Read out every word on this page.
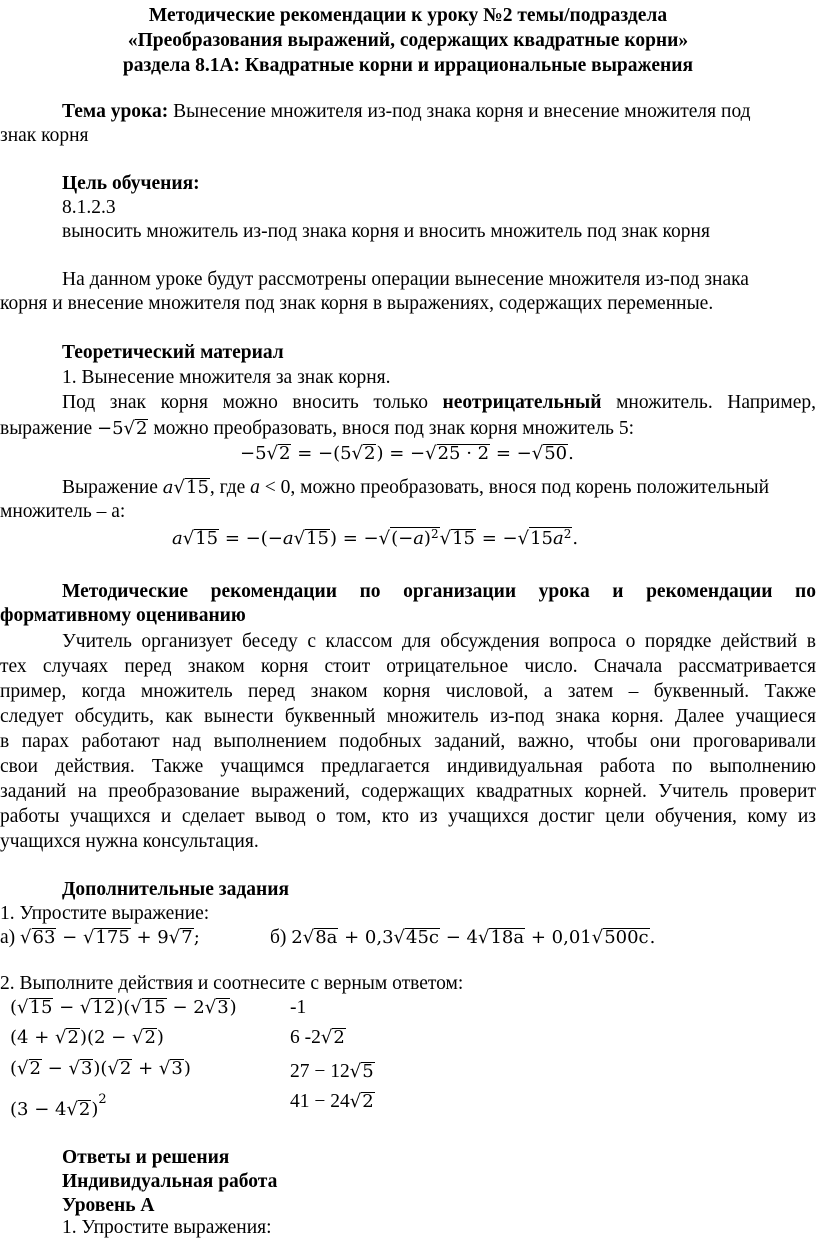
Методические рекомендации к уроку №2 темы/подраздела
«Преобразования выражений, содержащих квадратные корни»
раздела 8.1А: Квадратные корни и иррациональные выражения
Тема урока: Вынесение множителя из-под знака корня и внесение множителя под
знак корня
Цель обучения:
8.1.2.3
выносить множитель из-под знака корня и вносить множитель под знак корня
На данном уроке будут рассмотрены операции вынесение множителя из-под знака
корня и внесение множителя под знак корня в выражениях, содержащих переменные.
Теоретический материал
1. Вынесение множителя за знак корня.
Под знак корня можно вносить только неотрицательный множитель. Например,
выражение −5√2 можно преобразовать, внося под знак корня множитель 5:
−5√2 = −(5√2) = −√25 · 2 = −√50.
Выражение a√15, где a < 0, можно преобразовать, внося под корень положительный
множитель – a:
$a√15 = -(-a√15) = -√(-a)^2√15 = -√15a^2$.
Методические рекомендации по организации урока и рекомендации по
формативному оцениванию
Учитель организует беседу с классом для обсуждения вопроса о порядке действий в
тех случаях перед знаком корня стоит отрицательное число. Сначала рассматривается
пример, когда множитель перед знаком корня числовой, а затем – буквенный. Также
следует обсудить, как вынести буквенный множитель из-под знака корня. Далее учащиеся
в парах работают над выполнением подобных заданий, важно, чтобы они проговаривали
свои действия. Также учащимся предлагается индивидуальная работа по выполнению
заданий на преобразование выражений, содержащих квадратных корней. Учитель проверит
работы учащихся и сделает вывод о том, кто из учащихся достиг цели обучения, кому из
учащихся нужна консультация.
Дополнительные задания
1. Упростите выражение:
а) √63 − √175 + 9√7;	б) 2√8a + 0,3√45c − 4√18a + 0,01√500c.
2. Выполните действия и соотнесите с верным ответом:
(√15 − √12)(√15 − 2√3)
(4 + √2)(2 − √2)
(√2 − √3)(√2 + √3)
$(3 - 4√2)^2$
-1
6 -2√2
27 − 12√5
41 − 24√2
Ответы и решения
Индивидуальная работа
Уровень А
1. Упростите выражения:
